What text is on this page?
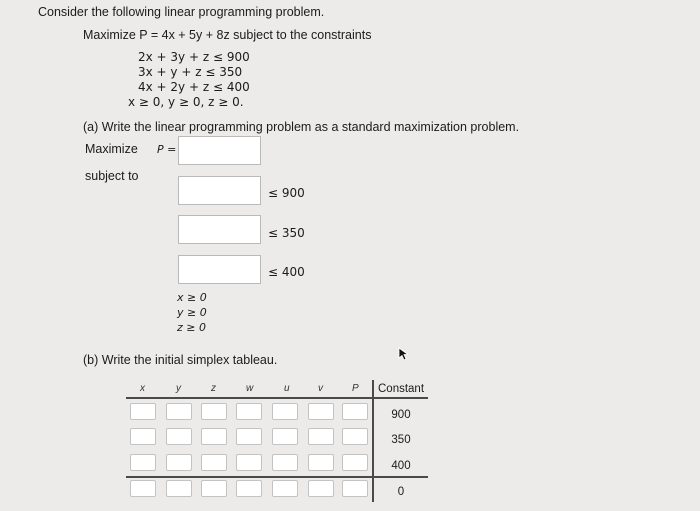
Consider the following linear programming problem.
Maximize P = 4x + 5y + 8z subject to the constraints
2x + 3y + z ≤ 900
3x + y + z ≤ 350
4x + 2y + z ≤ 400
x ≥ 0, y ≥ 0, z ≥ 0.
(a) Write the linear programming problem as a standard maximization problem.
Maximize P =
subject to
≤ 900
≤ 350
≤ 400
x ≥ 0
y ≥ 0
z ≥ 0
(b) Write the initial simplex tableau.
x	y	z	w	u	v	P Constant
900
350
400
0
